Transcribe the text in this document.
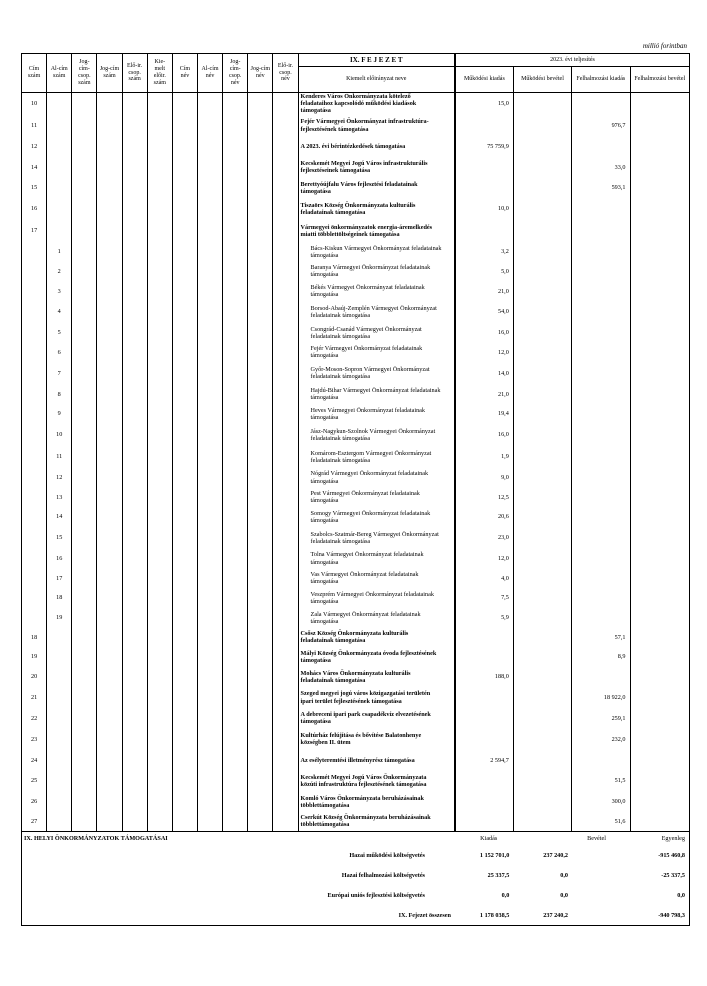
millió forintban
Cím szám	Al-cím szám	Jog-cím-csop. szám	Jog-cím szám	Elő-ir. csop. szám	Kie-melt előir. szám	Cím név	Al-cím név	Jog-cím-csop. név	Jog-cím név	Elő-ir. csop. név	IX. F E J E Z E T	2023. évi teljesítés			
											Kiemelt előirányzat neve	Működési kiadás	Működési bevétel	Felhalmozási kiadás	Felhalmozási bevétel
10											Kenderes Város Önkormányzata kötelező feladataihoz kapcsolódó működési kiadások támogatása	15,0			
11											Fejér Vármegyei Önkormányzat infrastruktúra-fejlesztésének támogatása			976,7	
12											A 2023. évi bérintézkedések támogatása	75 759,9			
14											Kecskemét Megyei Jogú Város infrastrukturális fejlesztéseinek támogatása			33,0	
15											Berettyóújfalu Város fejlesztési feladatainak támogatása			593,1	
16											Tiszaörs Község Önkormányzata kulturális feladatainak támogatása	10,0			
17											Vármegyei önkormányzatok energia-áremelkedés miatti többlettöltségeinek támogatása				
	1										Bács-Kiskun Vármegyei Önkormányzat feladatainak támogatása	3,2			
	2										Baranya Vármegyei Önkormányzat feladatainak támogatása	5,0			
	3										Békés Vármegyei Önkormányzat feladatainak támogatása	21,0			
	4										Borsod-Abaúj-Zemplén Vármegyei Önkormányzat feladatainak támogatása	54,0			
	5										Csongrád-Csanád Vármegyei Önkormányzat feladatainak támogatása	16,0			
	6										Fejér Vármegyei Önkormányzat feladatainak támogatása	12,0			
	7										Győr-Moson-Sopron Vármegyei Önkormányzat feladatainak támogatása	14,0			
	8										Hajdú-Bihar Vármegyei Önkormányzat feladatainak támogatása	21,0			
	9										Heves Vármegyei Önkormányzat feladatainak támogatása	19,4			
	10										Jász-Nagykun-Szolnok Vármegyei Önkormányzat feladatainak támogatása	16,0			
	11										Komárom-Esztergom Vármegyei Önkormányzat feladatainak támogatása	1,9			
	12										Nógrád Vármegyei Önkormányzat feladatainak támogatása	9,0			
	13										Pest Vármegyei Önkormányzat feladatainak támogatása	12,5			
	14										Somogy Vármegyei Önkormányzat feladatainak támogatása	20,6			
	15										Szabolcs-Szatmár-Bereg Vármegyei Önkormányzat feladatainak támogatása	23,0			
	16										Tolna Vármegyei Önkormányzat feladatainak támogatása	12,0			
	17										Vas Vármegyei Önkormányzat feladatainak támogatása	4,0			
	18										Veszprém Vármegyei Önkormányzat feladatainak támogatása	7,5			
	19										Zala Vármegyei Önkormányzat feladatainak támogatása	5,9			
18											Csősz Község Önkormányzata kulturális feladatainak támogatása			57,1	
19											Mályi Község Önkormányzata óvoda fejlesztésének támogatása			8,9	
20											Mohács Város Önkormányzata kulturális feladatainak támogatása	188,0			
21											Szeged megyei jogú város közigazgatási területén ipari terület fejlesztésének támogatása			18 922,0	
22											A debreceni ipari park csapadékvíz elvezetésének támogatása			259,1	
23											Kultúrház felújítása és bővítése Balatonhenye községben II. ütem			232,0	
24											Az esélyteremtési illetményrész támogatása	2 594,7			
25											Kecskemét Megyei Jogú Város Önkormányzata közúti infrastruktúra fejlesztésének támogatása			51,5	
26											Komló Város Önkormányzata beruházásainak többlettámogatása			300,0	
27											Cserkút Község Önkormányzata beruházásainak többlettámogatása			51,6	
IX. HELYI ÖNKORMÁNYZATOK TÁMOGATÁSAI												Kiadás	Bevétel		Egyenleg
Hazai működési költségvetés												1 152 701,0	237 240,2		-915 460,8
Hazai felhalmozási költségvetés												25 337,5	0,0		-25 337,5
Európai uniós fejlesztési költségvetés												0,0	0,0		0,0
IX. Fejezet összesen												1 178 038,5	237 240,2		-940 798,3
